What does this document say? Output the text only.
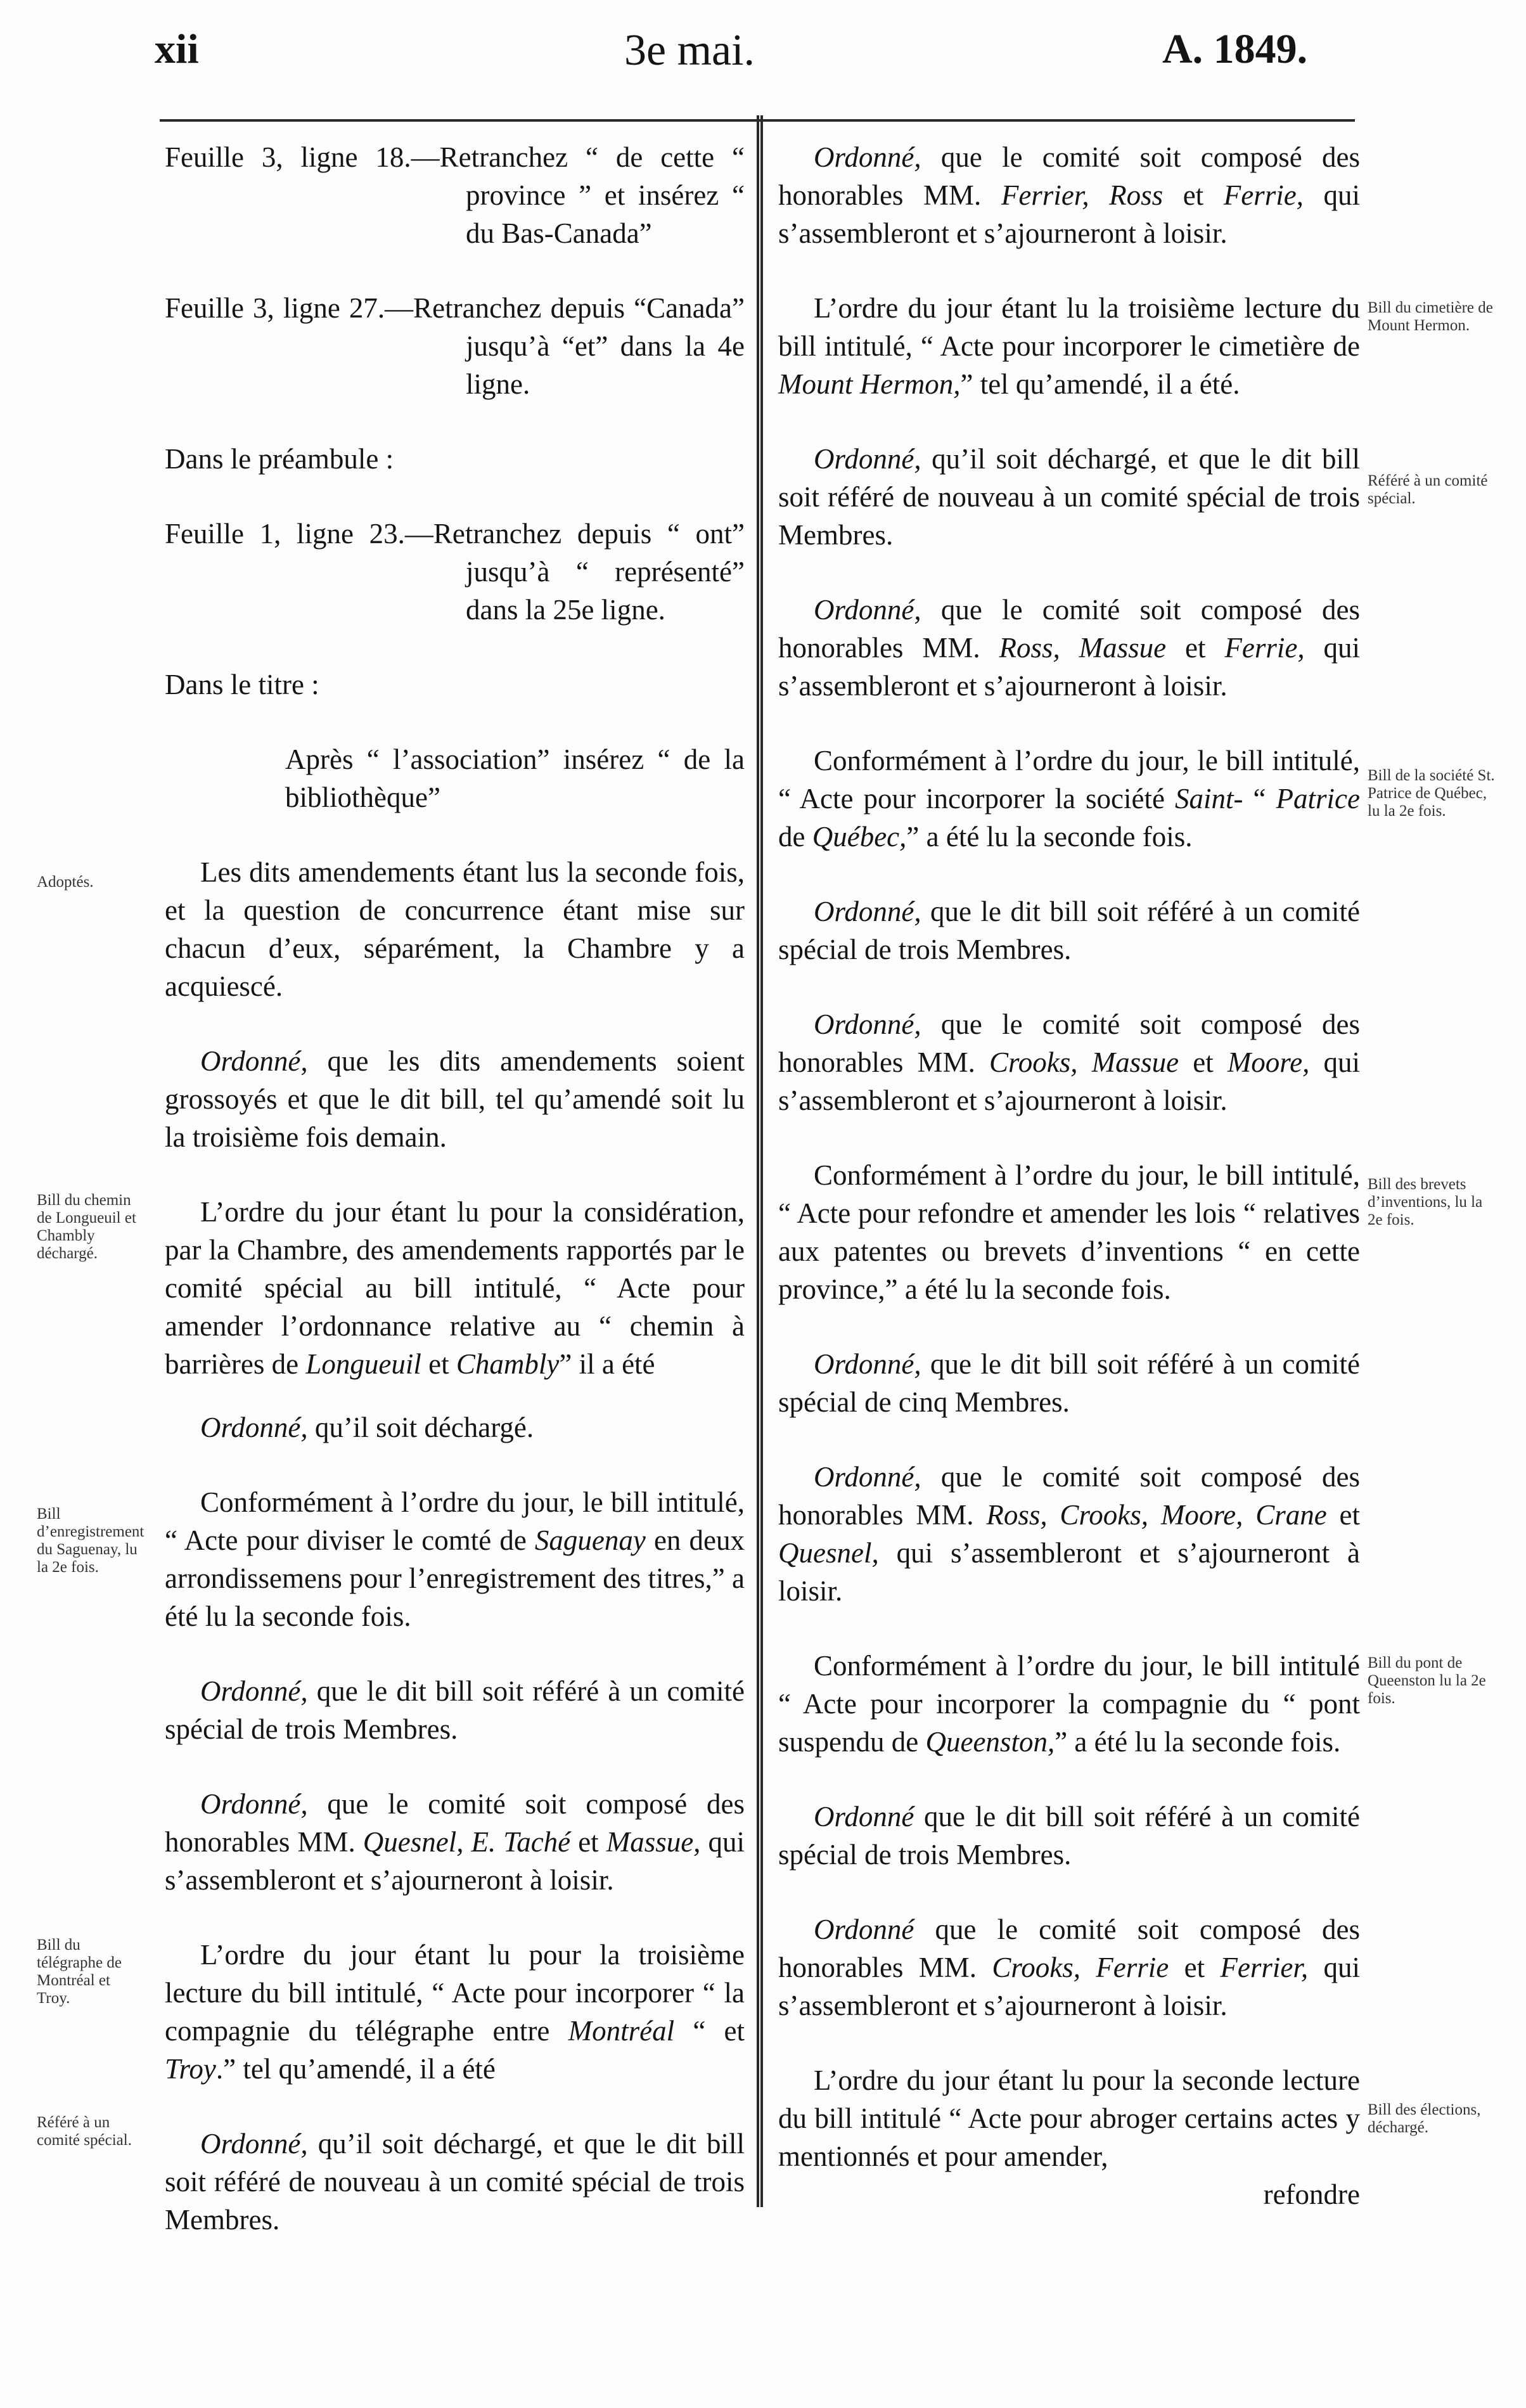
xii	3e mai.	A. 1849.

Feuille 3, ligne 18.—Retranchez “ de cette “ province ” et insérez “ du Bas-Canada”

Feuille 3, ligne 27.—Retranchez depuis “Canada” jusqu’à “et” dans la 4e ligne.

Dans le préambule :

Feuille 1, ligne 23.—Retranchez depuis “ ont” jusqu’à “ représenté” dans la 25e ligne.

Dans le titre :

Après “ l’association” insérez “ de la bibliothèque”

Les dits amendements étant lus la seconde fois, et la question de concurrence étant mise sur chacun d’eux, séparément, la Chambre y a acquiescé.

Ordonné, que les dits amendements soient grossoyés et que le dit bill, tel qu’amendé soit lu la troisième fois demain.

L’ordre du jour étant lu pour la considération, par la Chambre, des amendements rapportés par le comité spécial au bill intitulé, “ Acte pour amender l’ordonnance relative au “ chemin à barrières de Longueuil et Chambly” il a été

Ordonné, qu’il soit déchargé.

Conformément à l’ordre du jour, le bill intitulé, “ Acte pour diviser le comté de Saguenay en deux arrondissemens pour l’enregistrement des titres,” a été lu la seconde fois.

Ordonné, que le dit bill soit référé à un comité spécial de trois Membres.

Ordonné, que le comité soit composé des honorables MM. Quesnel, E. Taché et Massue, qui s’assembleront et s’ajourneront à loisir.

L’ordre du jour étant lu pour la troisième lecture du bill intitulé, “ Acte pour incorporer “ la compagnie du télégraphe entre Montréal “ et Troy.” tel qu’amendé, il a été

Ordonné, qu’il soit déchargé, et que le dit bill soit référé de nouveau à un comité spécial de trois Membres.

Ordonné, que le comité soit composé des honorables MM. Ferrier, Ross et Ferrie, qui s’assembleront et s’ajourneront à loisir.

L’ordre du jour étant lu la troisième lecture du bill intitulé, “ Acte pour incorporer le cimetière de Mount Hermon,” tel qu’amendé, il a été.

Ordonné, qu’il soit déchargé, et que le dit bill soit référé de nouveau à un comité spécial de trois Membres.

Ordonné, que le comité soit composé des honorables MM. Ross, Massue et Ferrie, qui s’assembleront et s’ajourneront à loisir.

Conformément à l’ordre du jour, le bill intitulé, “ Acte pour incorporer la société Saint- “ Patrice de Québec,” a été lu la seconde fois.

Ordonné, que le dit bill soit référé à un comité spécial de trois Membres.

Ordonné, que le comité soit composé des honorables MM. Crooks, Massue et Moore, qui s’assembleront et s’ajourneront à loisir.

Conformément à l’ordre du jour, le bill intitulé, “ Acte pour refondre et amender les lois “ relatives aux patentes ou brevets d’inventions “ en cette province,” a été lu la seconde fois.

Ordonné, que le dit bill soit référé à un comité spécial de cinq Membres.

Ordonné, que le comité soit composé des honorables MM. Ross, Crooks, Moore, Crane et Quesnel, qui s’assembleront et s’ajourneront à loisir.

Conformément à l’ordre du jour, le bill intitulé “ Acte pour incorporer la compagnie du “ pont suspendu de Queenston,” a été lu la seconde fois.

Ordonné que le dit bill soit référé à un comité spécial de trois Membres.

Ordonné que le comité soit composé des honorables MM. Crooks, Ferrie et Ferrier, qui s’assembleront et s’ajourneront à loisir.

L’ordre du jour étant lu pour la seconde lecture du bill intitulé “ Acte pour abroger certains actes y mentionnés et pour amender,

refondre

Adoptés.
Bill du chemin de Longueuil et Chambly déchargé.
Bill d’enregistrement du Saguenay, lu la 2e fois.
Bill du télégraphe de Montréal et Troy.
Référé à un comité spécial.
Bill du cimetière de Mount Hermon.
Référé à un comité spécial.
Bill de la société St. Patrice de Québec, lu la 2e fois.
Bill des brevets d’inventions, lu la 2e fois.
Bill du pont de Queenston lu la 2e fois.
Bill des élections, déchargé.
